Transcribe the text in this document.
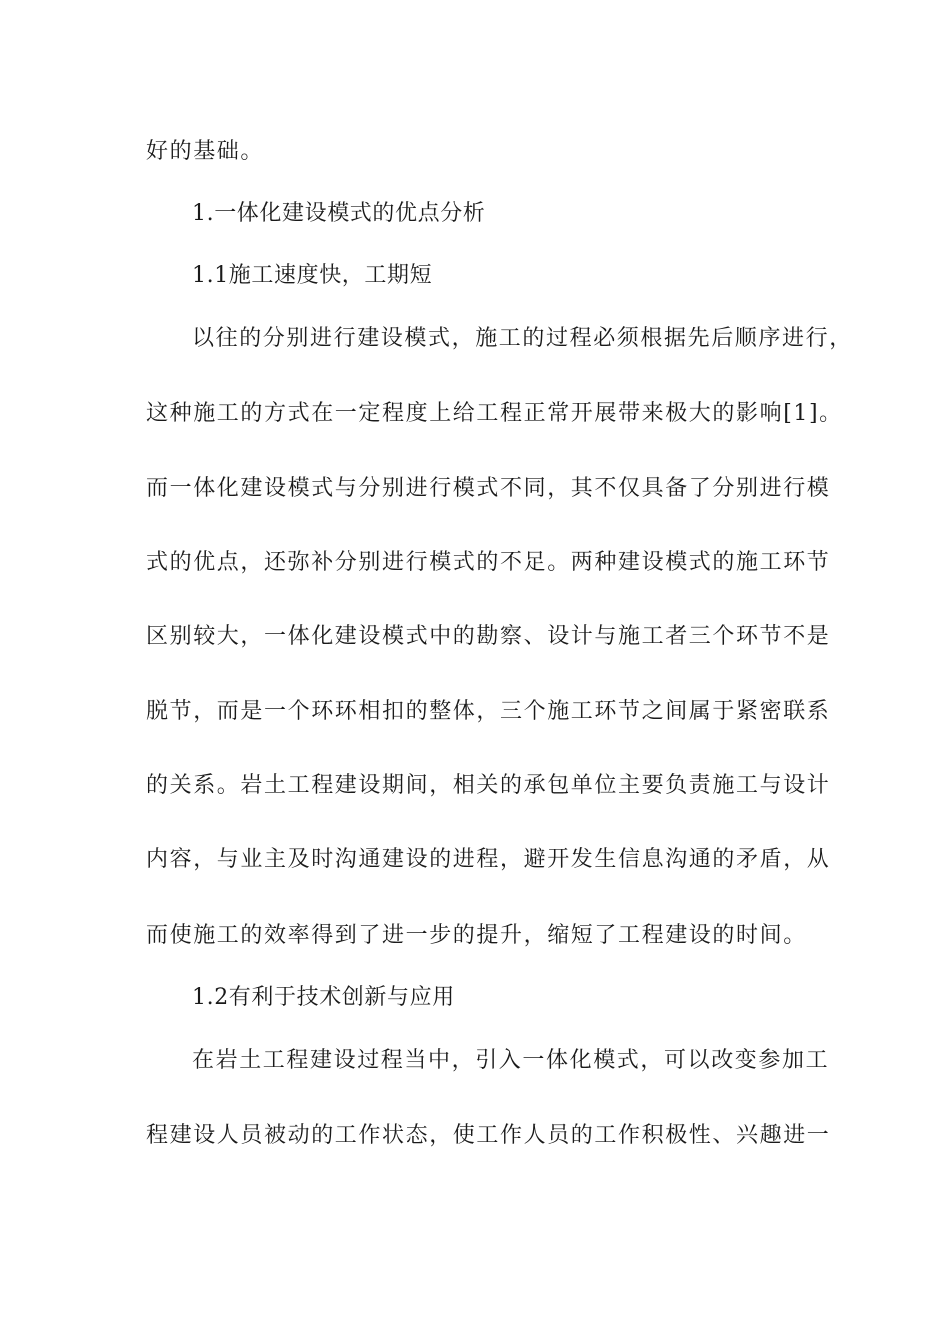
好的基础。
1.一体化建设模式的优点分析
1.1施工速度快，工期短
以往的分别进行建设模式，施工的过程必须根据先后顺序进行，
这种施工的方式在一定程度上给工程正常开展带来极大的影响[1]。
而一体化建设模式与分别进行模式不同，其不仅具备了分别进行模
式的优点，还弥补分别进行模式的不足。两种建设模式的施工环节
区别较大，一体化建设模式中的勘察、设计与施工者三个环节不是
脱节，而是一个环环相扣的整体，三个施工环节之间属于紧密联系
的关系。岩土工程建设期间，相关的承包单位主要负责施工与设计
内容，与业主及时沟通建设的进程，避开发生信息沟通的矛盾，从
而使施工的效率得到了进一步的提升，缩短了工程建设的时间。
1.2有利于技术创新与应用
在岩土工程建设过程当中，引入一体化模式，可以改变参加工
程建设人员被动的工作状态，使工作人员的工作积极性、兴趣进一
